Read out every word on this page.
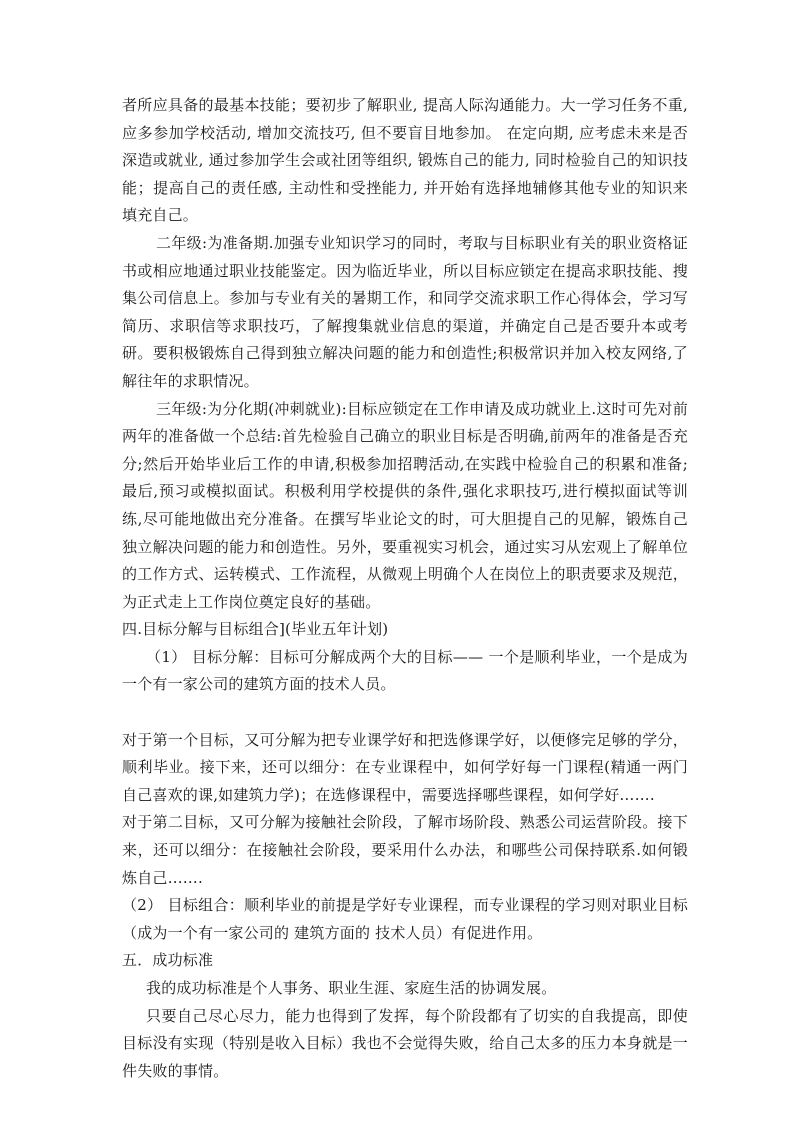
者所应具备的最基本技能；要初步了解职业, 提高人际沟通能力。大一学习任务不重,应多参加学校活动, 增加交流技巧, 但不要盲目地参加。 在定向期, 应考虑未来是否深造或就业, 通过参加学生会或社团等组织, 锻炼自己的能力, 同时检验自己的知识技能；提高自己的责任感, 主动性和受挫能力, 并开始有选择地辅修其他专业的知识来填充自己。

二年级:为准备期.加强专业知识学习的同时，考取与目标职业有关的职业资格证书或相应地通过职业技能鉴定。因为临近毕业，所以目标应锁定在提高求职技能、搜集公司信息上。参加与专业有关的暑期工作，和同学交流求职工作心得体会，学习写简历、求职信等求职技巧，了解搜集就业信息的渠道，并确定自己是否要升本或考研。要积极锻炼自己得到独立解决问题的能力和创造性;积极常识并加入校友网络,了解往年的求职情况。

三年级:为分化期(冲刺就业):目标应锁定在工作申请及成功就业上.这时可先对前两年的准备做一个总结:首先检验自己确立的职业目标是否明确,前两年的准备是否充分;然后开始毕业后工作的申请,积极参加招聘活动,在实践中检验自己的积累和准备;最后,预习或模拟面试。积极利用学校提供的条件,强化求职技巧,进行模拟面试等训练,尽可能地做出充分准备。在撰写毕业论文的时，可大胆提自己的见解，锻炼自己独立解决问题的能力和创造性。另外，要重视实习机会，通过实习从宏观上了解单位的工作方式、运转模式、工作流程，从微观上明确个人在岗位上的职责要求及规范，为正式走上工作岗位奠定良好的基础。

四.目标分解与目标组合](毕业五年计划)

（1） 目标分解：目标可分解成两个大的目标—— 一个是顺利毕业，一个是成为一个有一家公司的建筑方面的技术人员。

对于第一个目标，又可分解为把专业课学好和把选修课学好，以便修完足够的学分，顺利毕业。接下来，还可以细分：在专业课程中，如何学好每一门课程(精通一两门自己喜欢的课,如建筑力学)；在选修课程中，需要选择哪些课程，如何学好…….

对于第二目标，又可分解为接触社会阶段，了解市场阶段、熟悉公司运营阶段。接下来，还可以细分：在接触社会阶段，要采用什么办法，和哪些公司保持联系.如何锻炼自己…….

（2） 目标组合：顺利毕业的前提是学好专业课程，而专业课程的学习则对职业目标（成为一个有一家公司的 建筑方面的 技术人员）有促进作用。

五．成功标准

我的成功标准是个人事务、职业生涯、家庭生活的协调发展。

只要自己尽心尽力，能力也得到了发挥，每个阶段都有了切实的自我提高，即使目标没有实现（特别是收入目标）我也不会觉得失败，给自己太多的压力本身就是一件失败的事情。
